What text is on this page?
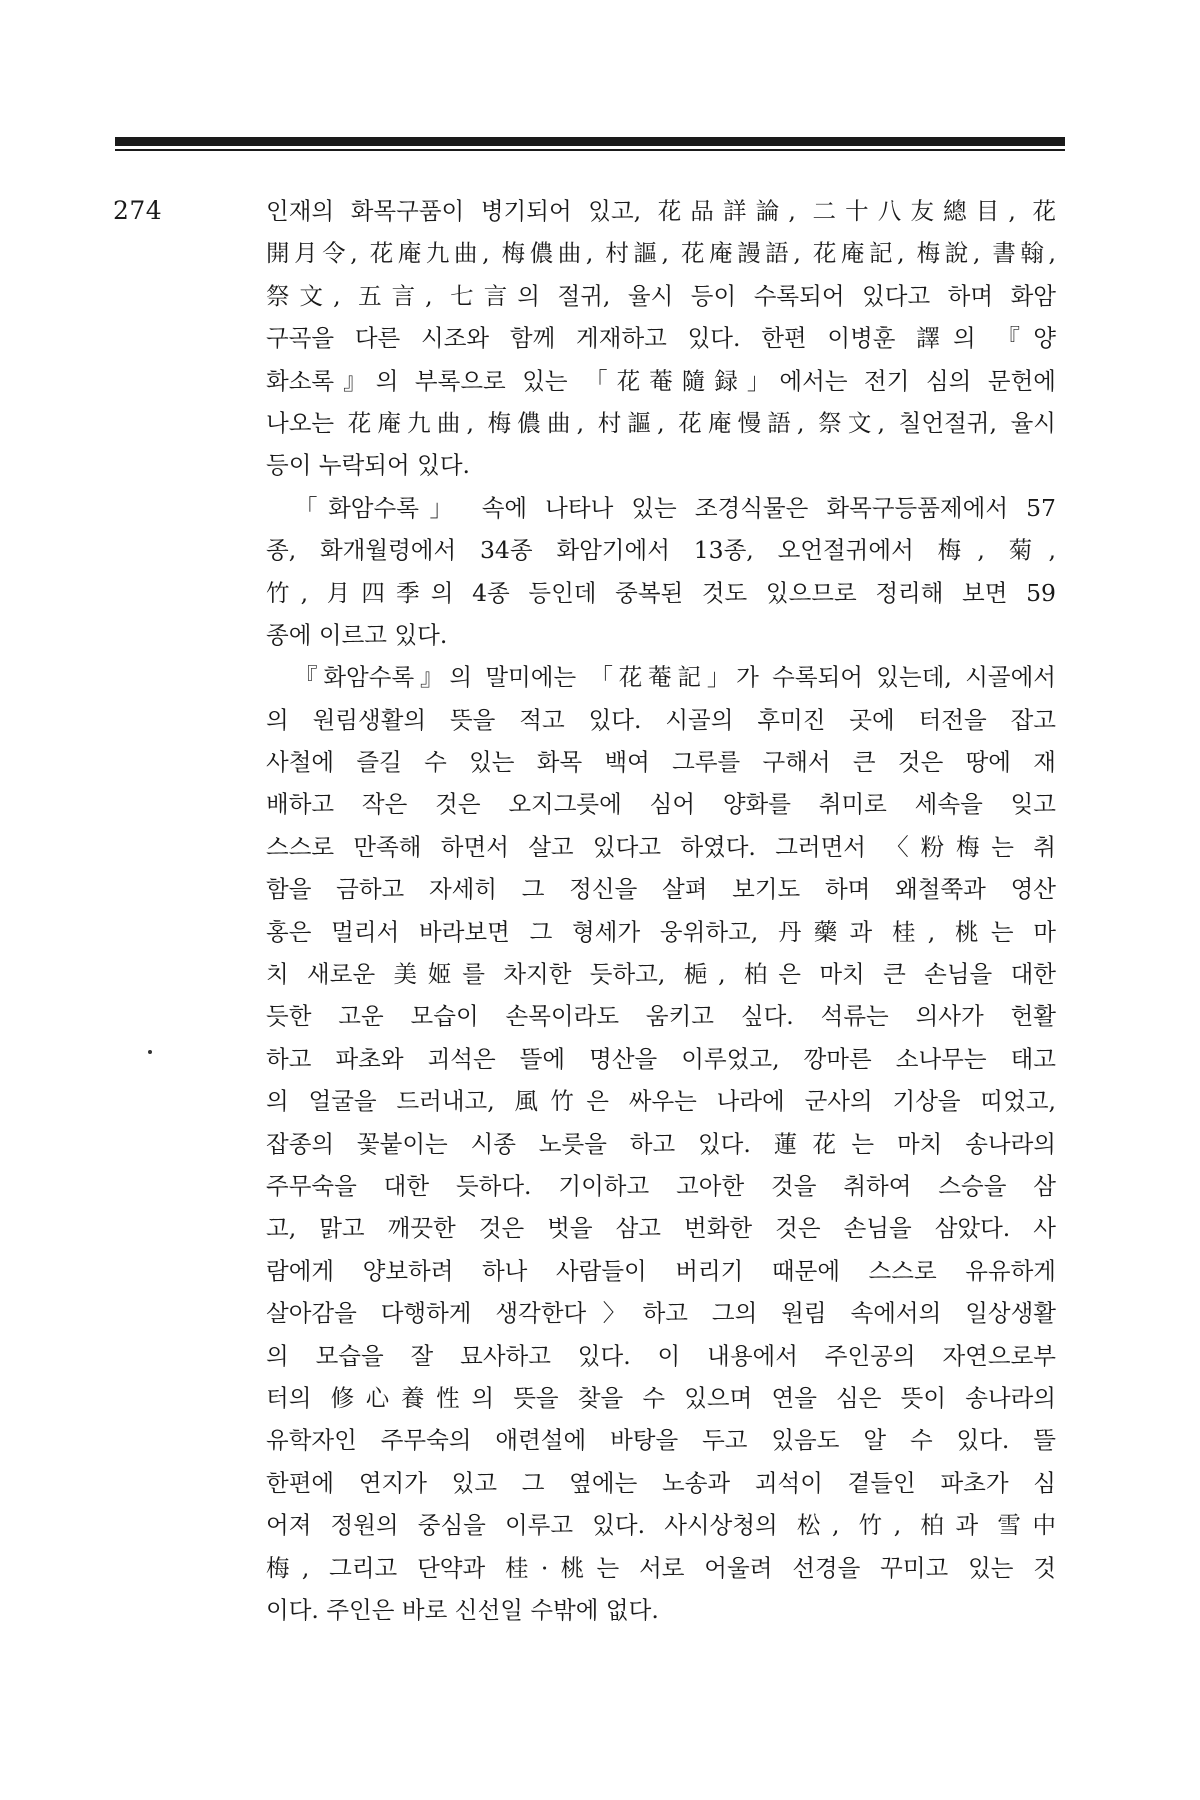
274	인재의 화목구품이 병기되어 있고, 花品詳論, 二十八友總目, 花
開月令, 花庵九曲, 梅儂曲, 村謳, 花庵謾語, 花庵記, 梅說, 書翰,
祭文, 五言, 七言의 절귀, 율시 등이 수록되어 있다고 하며 화암
구곡을 다른 시조와 함께 게재하고 있다. 한편 이병훈 譯의 『양
화소록』의 부록으로 있는 「花菴隨録」에서는 전기 심의 문헌에
나오는 花庵九曲, 梅儂曲, 村謳, 花庵慢語, 祭文, 칠언절귀, 율시
등이 누락되어 있다.
「화암수록」 속에 나타나 있는 조경식물은 화목구등품제에서 57
종, 화개월령에서 34종 화암기에서 13종, 오언절귀에서 梅, 菊,
竹, 月四季의 4종 등인데 중복된 것도 있으므로 정리해 보면 59
종에 이르고 있다.
『화암수록』의 말미에는 「花菴記」가 수록되어 있는데, 시골에서
의 원림생활의 뜻을 적고 있다. 시골의 후미진 곳에 터전을 잡고
사철에 즐길 수 있는 화목 백여 그루를 구해서 큰 것은 땅에 재
배하고 작은 것은 오지그릇에 심어 양화를 취미로 세속을 잊고
스스로 만족해 하면서 살고 있다고 하였다. 그러면서 〈粉梅는 취
함을 금하고 자세히 그 정신을 살펴 보기도 하며 왜철쭉과 영산
홍은 멀리서 바라보면 그 형세가 웅위하고, 丹藥과 桂, 桃는 마
치 새로운 美姬를 차지한 듯하고, 梔, 柏은 마치 큰 손님을 대한
듯한 고운 모습이 손목이라도 움키고 싶다. 석류는 의사가 헌활
하고 파초와 괴석은 뜰에 명산을 이루었고, 깡마른 소나무는 태고
의 얼굴을 드러내고, 風竹은 싸우는 나라에 군사의 기상을 띠었고,
잡종의 꽃붙이는 시종 노릇을 하고 있다. 蓮花는 마치 송나라의
주무숙을 대한 듯하다. 기이하고 고아한 것을 취하여 스승을 삼
고, 맑고 깨끗한 것은 벗을 삼고 번화한 것은 손님을 삼았다. 사
람에게 양보하려 하나 사람들이 버리기 때문에 스스로 유유하게
살아감을 다행하게 생각한다〉하고 그의 원림 속에서의 일상생활
의 모습을 잘 묘사하고 있다. 이 내용에서 주인공의 자연으로부
터의 修心養性의 뜻을 찾을 수 있으며 연을 심은 뜻이 송나라의
유학자인 주무숙의 애련설에 바탕을 두고 있음도 알 수 있다. 뜰
한편에 연지가 있고 그 옆에는 노송과 괴석이 곁들인 파초가 심
어져 정원의 중심을 이루고 있다. 사시상청의 松, 竹, 柏과 雪中
梅, 그리고 단약과 桂·桃는 서로 어울려 선경을 꾸미고 있는 것
이다. 주인은 바로 신선일 수밖에 없다.
